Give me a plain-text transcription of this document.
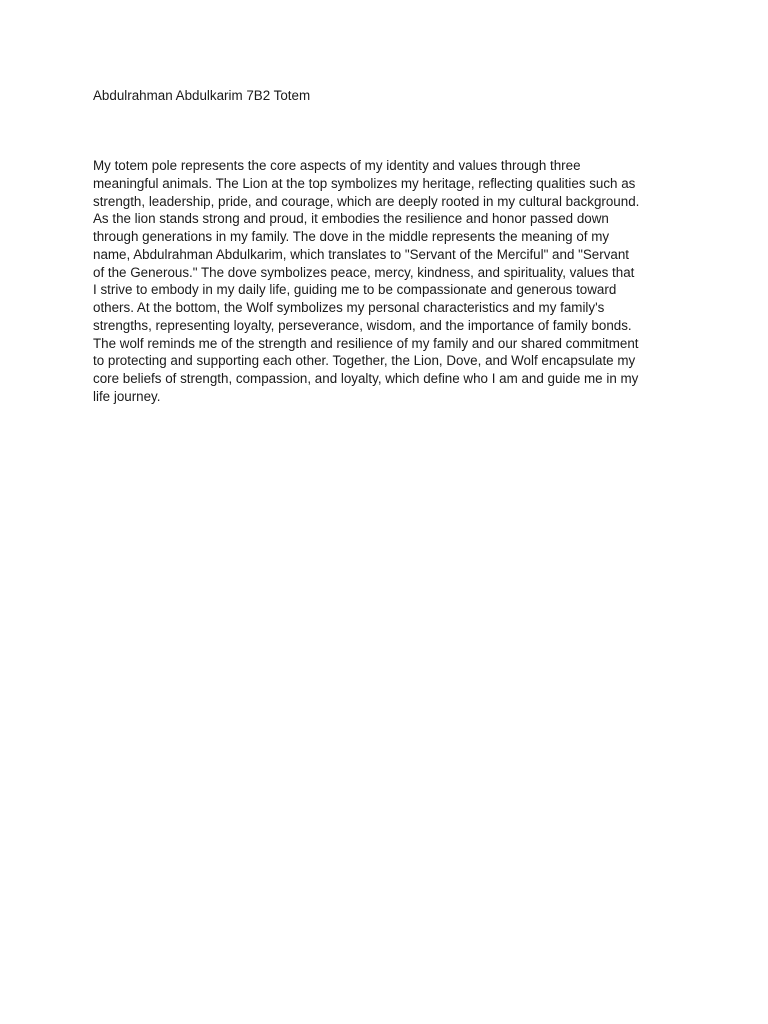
Abdulrahman Abdulkarim 7B2 Totem
My totem pole represents the core aspects of my identity and values through three
meaningful animals. The Lion at the top symbolizes my heritage, reflecting qualities such as
strength, leadership, pride, and courage, which are deeply rooted in my cultural background.
As the lion stands strong and proud, it embodies the resilience and honor passed down
through generations in my family. The dove in the middle represents the meaning of my
name, Abdulrahman Abdulkarim, which translates to "Servant of the Merciful" and "Servant
of the Generous." The dove symbolizes peace, mercy, kindness, and spirituality, values that
I strive to embody in my daily life, guiding me to be compassionate and generous toward
others. At the bottom, the Wolf symbolizes my personal characteristics and my family's
strengths, representing loyalty, perseverance, wisdom, and the importance of family bonds.
The wolf reminds me of the strength and resilience of my family and our shared commitment
to protecting and supporting each other. Together, the Lion, Dove, and Wolf encapsulate my
core beliefs of strength, compassion, and loyalty, which define who I am and guide me in my
life journey.
